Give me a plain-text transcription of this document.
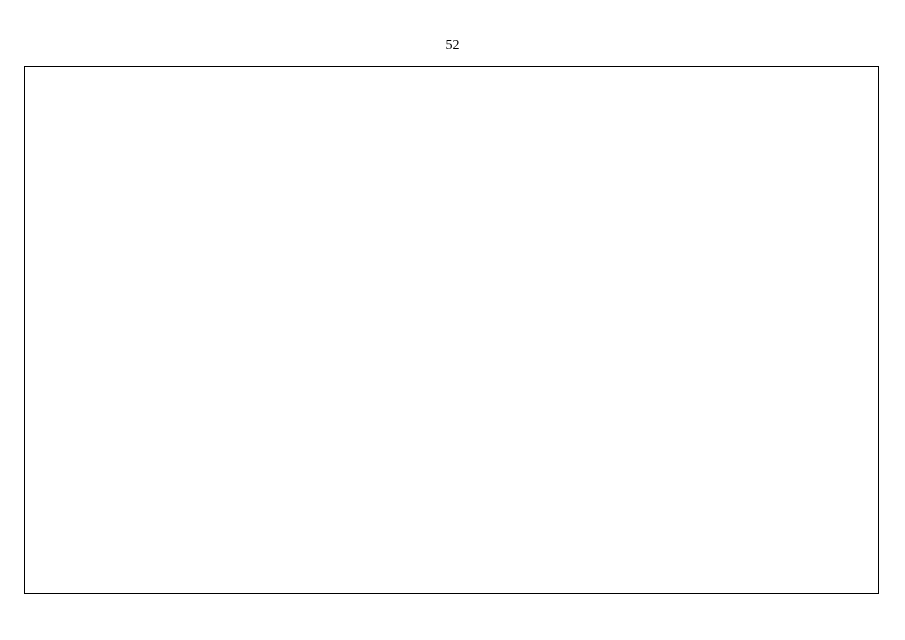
52
